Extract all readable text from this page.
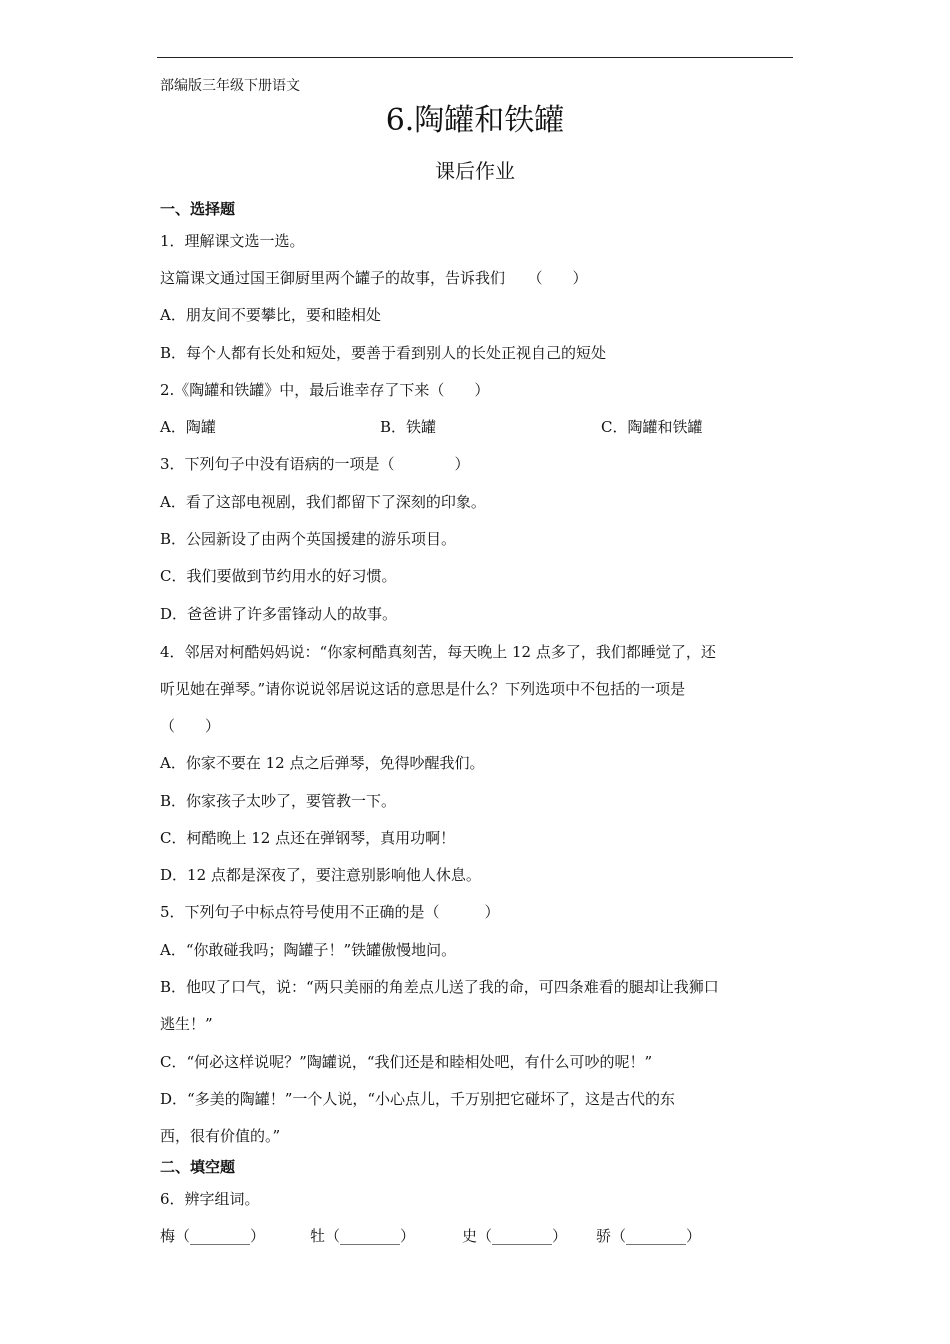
部编版三年级下册语文
6.陶罐和铁罐
课后作业
一、选择题
1．理解课文选一选。
这篇课文通过国王御厨里两个罐子的故事，告诉我们　　（　　）
A．朋友间不要攀比，要和睦相处
B．每个人都有长处和短处，要善于看到别人的长处正视自己的短处
2.《陶罐和铁罐》中，最后谁幸存了下来（　　）
A．陶罐	B．铁罐	C．陶罐和铁罐
3．下列句子中没有语病的一项是（　　　　）
A．看了这部电视剧，我们都留下了深刻的印象。
B．公园新设了由两个英国援建的游乐项目。
C．我们要做到节约用水的好习惯。
D．爸爸讲了许多雷锋动人的故事。
4．邻居对柯酷妈妈说：“你家柯酷真刻苦，每天晚上 12 点多了，我们都睡觉了，还
听见她在弹琴。”请你说说邻居说这话的意思是什么？下列选项中不包括的一项是
（　　）
A．你家不要在 12 点之后弹琴，免得吵醒我们。
B．你家孩子太吵了，要管教一下。
C．柯酷晚上 12 点还在弹钢琴，真用功啊！
D．12 点都是深夜了，要注意别影响他人休息。
5．下列句子中标点符号使用不正确的是（　　　）
A．“你敢碰我吗；陶罐子！”铁罐傲慢地问。
B．他叹了口气，说：“两只美丽的角差点儿送了我的命，可四条难看的腿却让我狮口
逃生！”
C．“何必这样说呢？”陶罐说，“我们还是和睦相处吧，有什么可吵的呢！”
D．“多美的陶罐！”一个人说，“小心点儿，千万别把它碰坏了，这是古代的东
西，很有价值的。”
二、填空题
6．辨字组词。
梅（________）	牡（________）	史（________） 骄（________）
